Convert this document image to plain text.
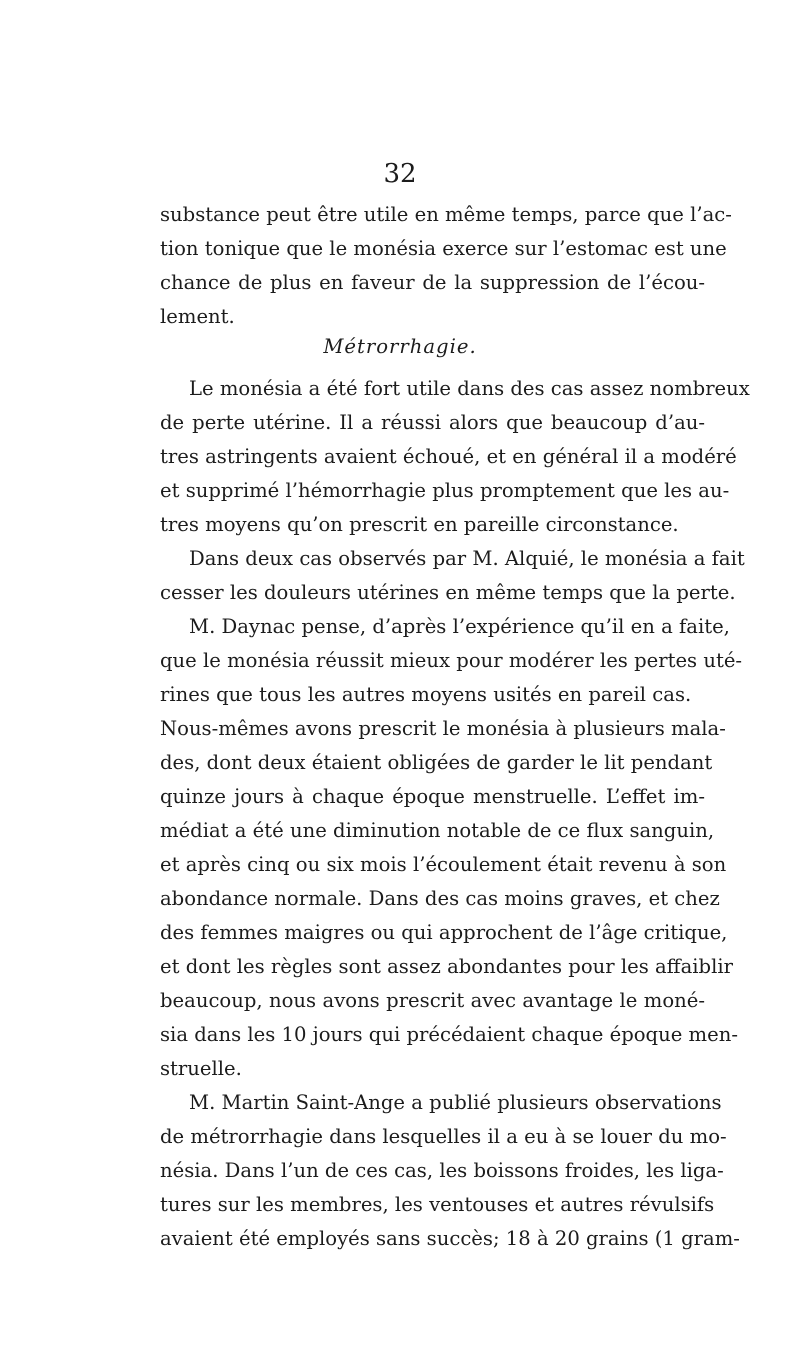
32
substance peut être utile en même temps, parce que l’ac-
tion tonique que le monésia exerce sur l’estomac est une
chance de plus en faveur de la suppression de l’écou-
lement.
Métrorrhagie.
Le monésia a été fort utile dans des cas assez nombreux
de perte utérine. Il a réussi alors que beaucoup d’au-
tres astringents avaient échoué, et en général il a modéré
et supprimé l’hémorrhagie plus promptement que les au-
tres moyens qu’on prescrit en pareille circonstance.
Dans deux cas observés par M. Alquié, le monésia a fait
cesser les douleurs utérines en même temps que la perte.
M. Daynac pense, d’après l’expérience qu’il en a faite,
que le monésia réussit mieux pour modérer les pertes uté-
rines que tous les autres moyens usités en pareil cas.
Nous-mêmes avons prescrit le monésia à plusieurs mala-
des, dont deux étaient obligées de garder le lit pendant
quinze jours à chaque époque menstruelle. L’effet im-
médiat a été une diminution notable de ce flux sanguin,
et après cinq ou six mois l’écoulement était revenu à son
abondance normale. Dans des cas moins graves, et chez
des femmes maigres ou qui approchent de l’âge critique,
et dont les règles sont assez abondantes pour les affaiblir
beaucoup, nous avons prescrit avec avantage le moné-
sia dans les 10 jours qui précédaient chaque époque men-
struelle.
M. Martin Saint-Ange a publié plusieurs observations
de métrorrhagie dans lesquelles il a eu à se louer du mo-
nésia. Dans l’un de ces cas, les boissons froides, les liga-
tures sur les membres, les ventouses et autres révulsifs
avaient été employés sans succès; 18 à 20 grains (1 gram-
